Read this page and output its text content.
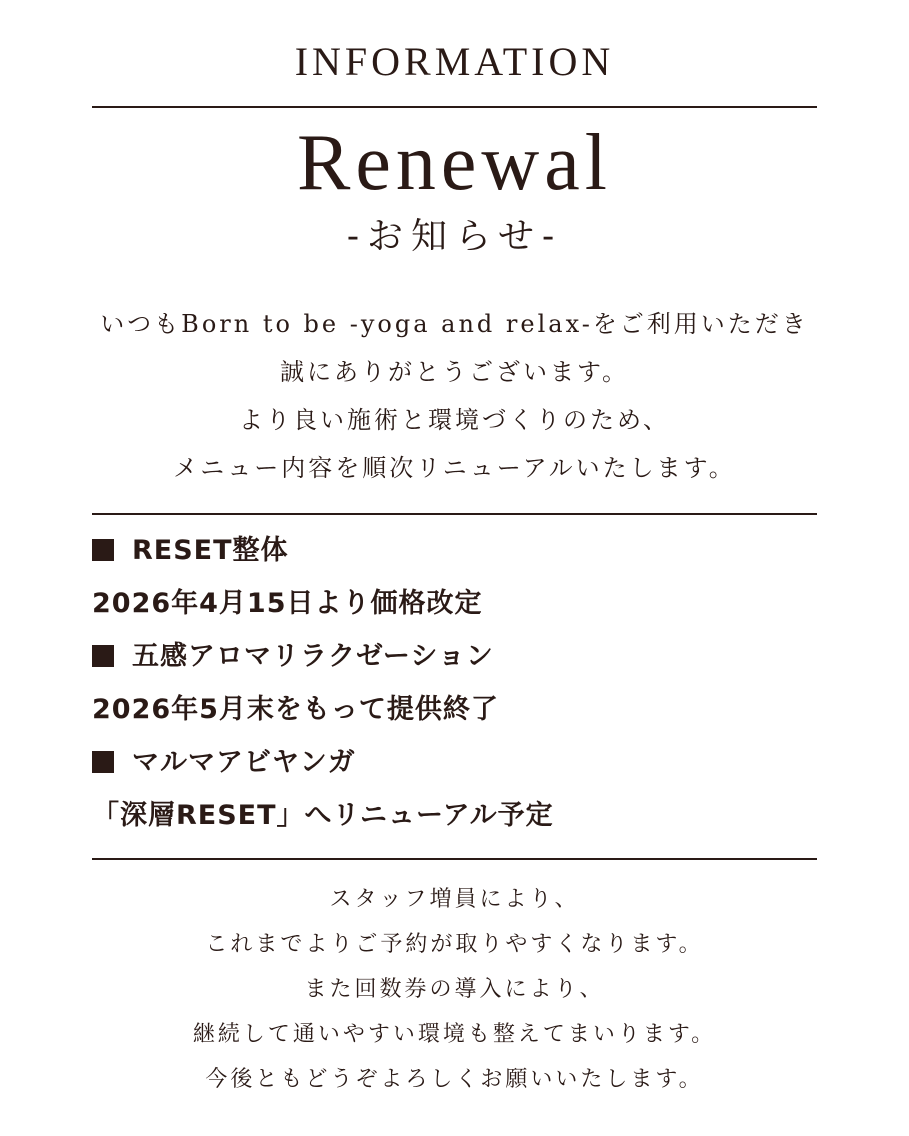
INFORMATION
Renewal
-お知らせ-
いつもBorn to be -yoga and relax-をご利用いただき
誠にありがとうございます。
より良い施術と環境づくりのため、
メニュー内容を順次リニューアルいたします。
RESET整体
2026年4月15日より価格改定
五感アロマリラクゼーション
2026年5月末をもって提供終了
マルマアビヤンガ
「深層RESET」へリニューアル予定
スタッフ増員により、
これまでよりご予約が取りやすくなります。
また回数券の導入により、
継続して通いやすい環境も整えてまいります。
今後ともどうぞよろしくお願いいたします。
